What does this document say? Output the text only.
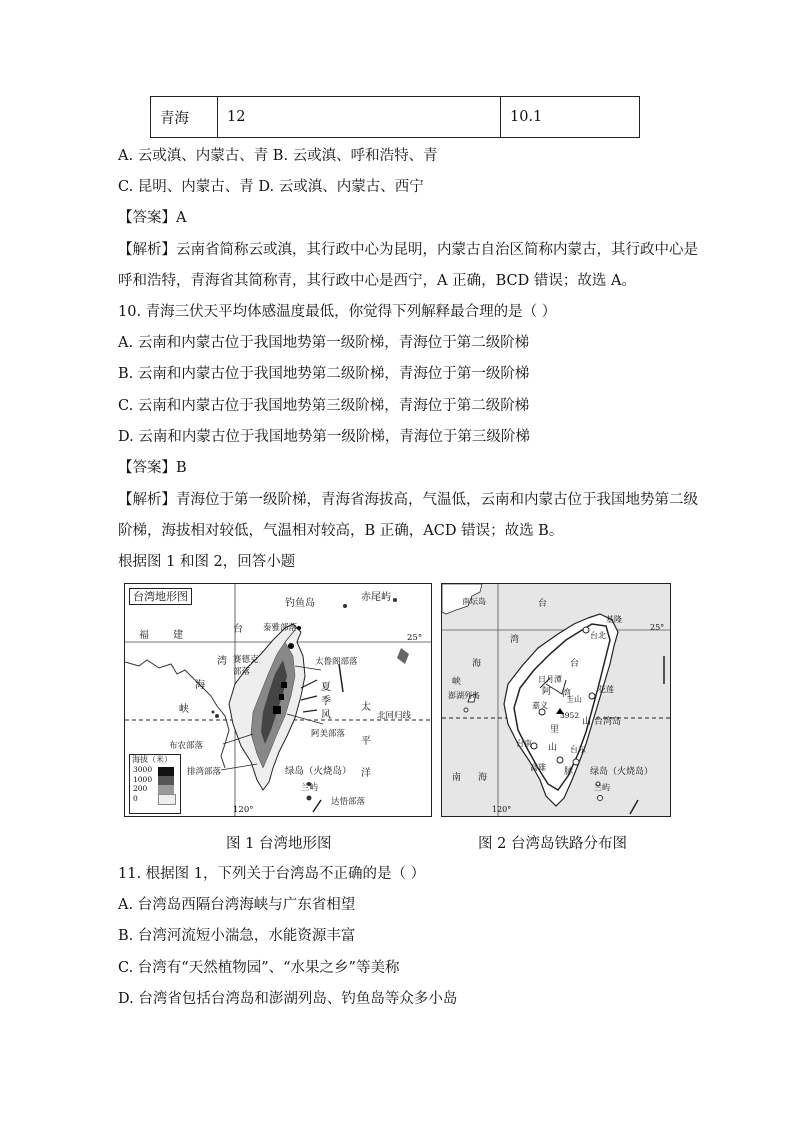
青海	12	10.1
A. 云或滇、内蒙古、青 B. 云或滇、呼和浩特、青
C. 昆明、内蒙古、青 D. 云或滇、内蒙古、西宁
【答案】A
【解析】云南省简称云或滇，其行政中心为昆明，内蒙古自治区简称内蒙古，其行政中心是
呼和浩特，青海省其简称青，其行政中心是西宁，A 正确，BCD 错误；故选 A。
10. 青海三伏天平均体感温度最低，你觉得下列解释最合理的是（ ）
A. 云南和内蒙古位于我国地势第一级阶梯，青海位于第二级阶梯
B. 云南和内蒙古位于我国地势第二级阶梯，青海位于第一级阶梯
C. 云南和内蒙古位于我国地势第三级阶梯，青海位于第二级阶梯
D. 云南和内蒙古位于我国地势第一级阶梯，青海位于第三级阶梯
【答案】B
【解析】青海位于第一级阶梯，青海省海拔高，气温低，云南和内蒙古位于我国地势第二级
阶梯，海拔相对较低，气温相对较高，B 正确，ACD 错误；故选 B。
根据图 1 和图 2，回答小题
钓鱼岛
赤尾屿
福 建
台 泰雅部落
湾 赛德克
部落
太鲁阁部落
海
峡
夏
季
风
太
平
洋
北回归线
阿美部落
布农部落
排湾部落	绿岛（火烧岛）
兰屿
达悟部落
25°
120°
台湾地形图
海拔（米）
3000
1000
200
0
南坛岛	台
基隆
台北
25°
湾
海
峡
澎湖列岛
台
日月潭
阿 湾	花莲
嘉义
玉山
3952
里
山 台湾岛
台南 山
脉
台东
高雄	绿岛（火烧岛）
南 海
兰屿
120°
图 1 台湾地形图	图 2 台湾岛铁路分布图
11. 根据图 1，下列关于台湾岛不正确的是（ ）
A. 台湾岛西隔台湾海峡与广东省相望
B. 台湾河流短小湍急，水能资源丰富
C. 台湾有“天然植物园”、“水果之乡”等美称
D. 台湾省包括台湾岛和澎湖列岛、钓鱼岛等众多小岛
